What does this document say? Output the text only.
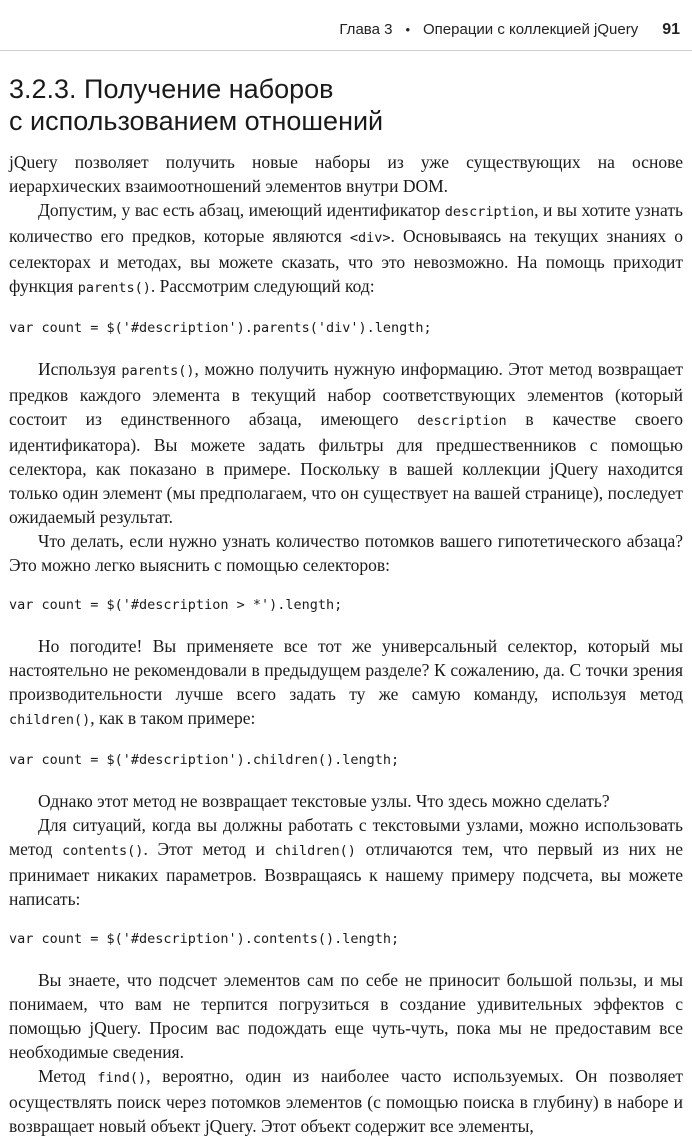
Глава 3 • Операции с коллекцией jQuery 91
3.2.3. Получение наборов
с использованием отношений

jQuery позволяет получить новые наборы из уже существующих на основе иерархических взаимоотношений элементов внутри DOM.

Допустим, у вас есть абзац, имеющий идентификатор description, и вы хотите узнать количество его предков, которые являются <div>. Основываясь на текущих знаниях о селекторах и методах, вы можете сказать, что это невозможно. На помощь приходит функция parents(). Рассмотрим следующий код:

var count = $('#description').parents('div').length;

Используя parents(), можно получить нужную информацию. Этот метод возвращает предков каждого элемента в текущий набор соответствующих элементов (который состоит из единственного абзаца, имеющего description в качестве своего идентификатора). Вы можете задать фильтры для предшественников с помощью селектора, как показано в примере. Поскольку в вашей коллекции jQuery находится только один элемент (мы предполагаем, что он существует на вашей странице), последует ожидаемый результат.

Что делать, если нужно узнать количество потомков вашего гипотетического абзаца? Это можно легко выяснить с помощью селекторов:

var count = $('#description > *').length;

Но погодите! Вы применяете все тот же универсальный селектор, который мы настоятельно не рекомендовали в предыдущем разделе? К сожалению, да. С точки зрения производительности лучше всего задать ту же самую команду, используя метод children(), как в таком примере:

var count = $('#description').children().length;

Однако этот метод не возвращает текстовые узлы. Что здесь можно сделать?

Для ситуаций, когда вы должны работать с текстовыми узлами, можно использовать метод contents(). Этот метод и children() отличаются тем, что первый из них не принимает никаких параметров. Возвращаясь к нашему примеру подсчета, вы можете написать:

var count = $('#description').contents().length;

Вы знаете, что подсчет элементов сам по себе не приносит большой пользы, и мы понимаем, что вам не терпится погрузиться в создание удивительных эффектов с помощью jQuery. Просим вас подождать еще чуть-чуть, пока мы не предоставим все необходимые сведения.

Метод find(), вероятно, один из наиболее часто используемых. Он позволяет осуществлять поиск через потомков элементов (с помощью поиска в глубину) в наборе и возвращает новый объект jQuery. Этот объект содержит все элементы,
